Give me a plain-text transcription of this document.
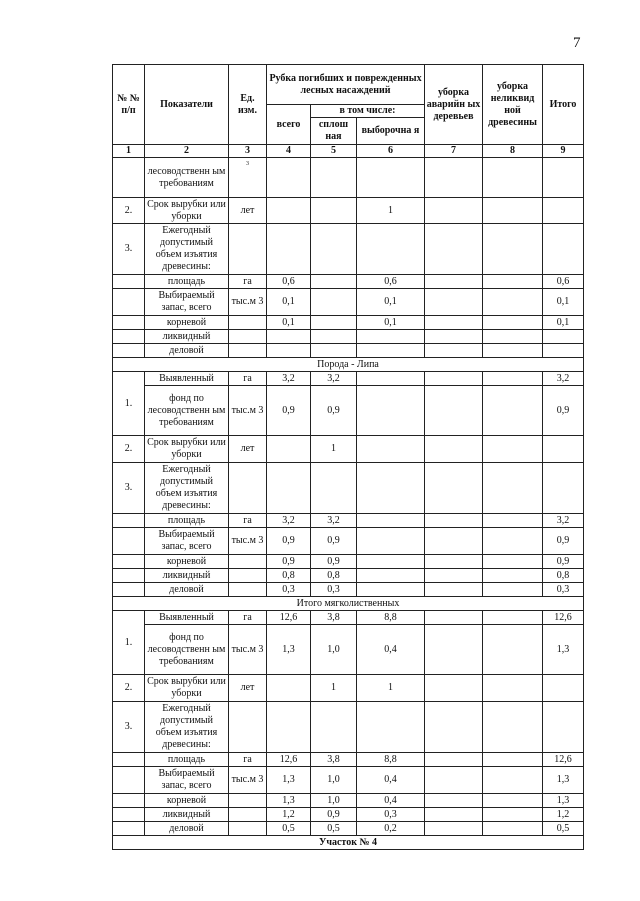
7
№ № п/п	Показатели	Ед. изм.	Рубка погибших и поврежденных лесных насаждений			уборка аварийн ых деревьев	уборка неликвид ной древесины	Итого
			всего	в том числе:				
				сплош ная	выборочна я			
1	2	3	4	5	6	7	8	9
	лесоводственн ым требованиям	3						
2.	Срок вырубки или уборки	лет			1			
3.	Ежегодный допустимый объем изъятия древесины:							
	площадь	га	0,6		0,6			0,6
	Выбираемый запас, всего	тыс.м 3	0,1		0,1			0,1
	корневой		0,1		0,1			0,1
	ликвидный							
	деловой							
Порода - Липа								
1.	Выявленный	га	3,2	3,2				3,2
	фонд по лесоводственн ым требованиям	тыс.м 3	0,9	0,9				0,9
2.	Срок вырубки или уборки	лет		1				
3.	Ежегодный допустимый объем изъятия древесины:							
	площадь	га	3,2	3,2				3,2
	Выбираемый запас, всего	тыс.м 3	0,9	0,9				0,9
	корневой		0,9	0,9				0,9
	ликвидный		0,8	0,8				0,8
	деловой		0,3	0,3				0,3
Итого мягколиственных								
1.	Выявленный	га	12,6	3,8	8,8			12,6
	фонд по лесоводственн ым требованиям	тыс.м 3	1,3	1,0	0,4			1,3
2.	Срок вырубки или уборки	лет		1	1			
3.	Ежегодный допустимый объем изъятия древесины:							
	площадь	га	12,6	3,8	8,8			12,6
	Выбираемый запас, всего	тыс.м 3	1,3	1,0	0,4			1,3
	корневой		1,3	1,0	0,4			1,3
	ликвидный		1,2	0,9	0,3			1,2
	деловой		0,5	0,5	0,2			0,5
Участок № 4								
